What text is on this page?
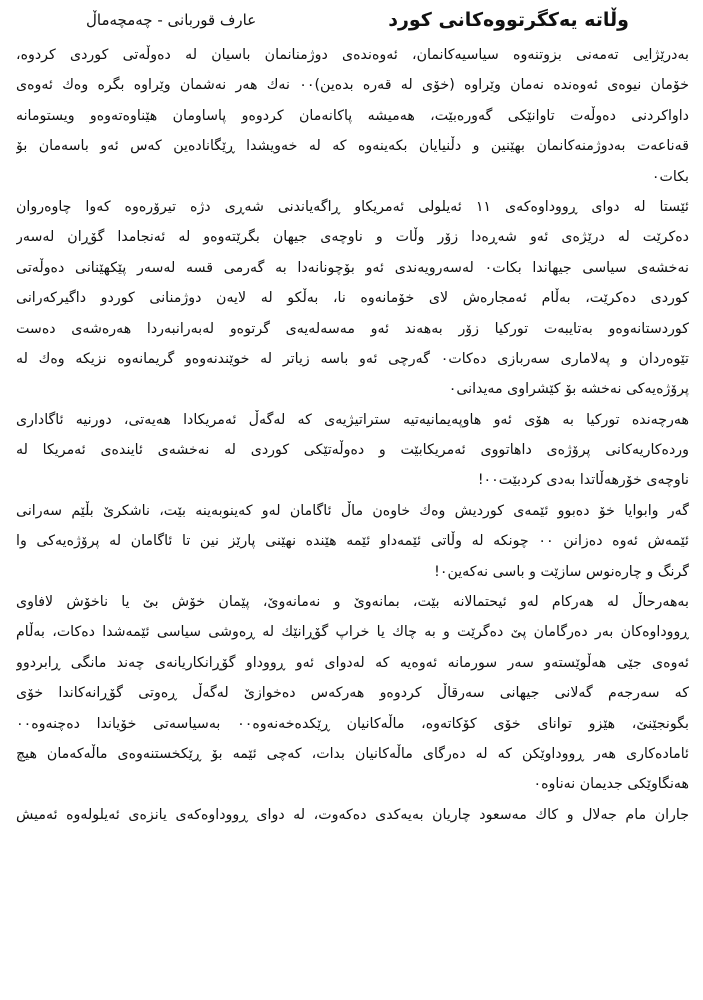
عارف قوربانی - چەمچەماڵ	وڵاتە یەکگرتووەکانی کورد
بەدرێژایی تەمەنی بزوتنەوە سیاسیەکانمان، ئەوەندەی دوژمنانمان باسیان لە دەوڵەتی کوردی کردوە،
خۆمان نیوەی ئەوەندە نەمان وێراوە (خۆی لە قەرە بدەین)٠٠ نەك هەر نەشمان وێراوە بگرە وەك ئەوەی
داواکردنی دەوڵەت تاوانێکی گەورەبێت، هەمیشە پاکانەمان کردوەو پاساومان هێناوەتەوەو ویستومانە
قەناعەت بەدوژمنەکانمان بهێنین و دڵنیایان بکەینەوە کە لە خەویشدا ڕێگانادەین کەس ئەو باسەمان بۆ
بکات٠
ئێستا لە دوای ڕووداوەکەی ١١ ئەیلولی ئەمریکاو ڕاگەیاندنی شەڕی دژە تیرۆرەوە کەوا چاوەروان
دەکرێت لە درێژەی ئەو شەڕەدا زۆر وڵات و ناوچەی جیهان بگرێتەوەو لە ئەنجامدا گۆڕان لەسەر
نەخشەی سیاسی جیهاندا بکات٠ لەسەرویەندی ئەو بۆچونانەدا بە گەرمی قسە لەسەر پێکهێنانی دەوڵەتی
کوردی دەکرێت، بەڵام ئەمجارەش لای خۆمانەوە نا، بەڵکو لە لایەن دوژمنانی کوردو داگیرکەرانی
کوردستانەوەو بەتایبەت تورکیا زۆر بەهەند ئەو مەسەلەیەی گرتوەو لەبەرانبەردا هەرەشەی دەست
تێوەردان و پەلاماری سەربازی دەکات٠ گەرچی ئەو باسە زیاتر لە خوێندنەوەو گریمانەوە نزیکە وەك لە
پرۆژەیەکی نەخشە بۆ کێشراوی مەیدانی٠
هەرچەندە تورکیا بە هۆی ئەو هاوپەیمانیەتیە ستراتیژیەی کە لەگەڵ ئەمریکادا هەیەتی، دورنیە ئاگاداری
وردەکاریەکانی پرۆژەی داهاتووی ئەمریکابێت و دەوڵەتێکی کوردی لە نەخشەی ئایندەی ئەمریکا لە
ناوچەی خۆرهەڵاتدا بەدی کردبێت٠٠!
گەر وابوایا خۆ دەبوو ئێمەی کوردیش وەك خاوەن ماڵ ئاگامان لەو کەینوبەینە بێت، ناشکرێ بڵێم سەرانی
ئێمەش ئەوە دەزانن ٠٠ چونکە لە وڵاتی ئێمەداو ئێمە هێندە نهێنی پارێز نین تا ئاگامان لە پرۆژەیەکی وا
گرنگ و چارەنوس سازێت و باسی نەکەین٠!
بەهەرحاڵ لە هەرکام لەو ئیحتمالانە بێت، بمانەوێ و نەمانەوێ، پێمان خۆش بێ یا ناخۆش لافاوی
ڕووداوەکان بەر دەرگامان پێ دەگرێت و بە چاك یا خراپ گۆڕانێك لە ڕەوشی سیاسی ئێمەشدا دەکات، بەڵام
ئەوەی جێی هەڵوێستەو سەر سورمانە ئەوەیە کە لەدوای ئەو ڕووداو گۆڕانکاریانەی چەند مانگی ڕابردوو
کە سەرجەم گەلانی جیهانی سەرقاڵ کردوەو هەرکەس دەخوازێ لەگەڵ ڕەوتی گۆڕانەکاندا خۆی
بگونجێنێ، هێزو توانای خۆی کۆکاتەوە، ماڵەکانیان ڕێکدەخەنەوە٠٠ بەسیاسەتی خۆیاندا دەچنەوە٠٠
ئامادەکاری هەر ڕووداوێکن کە لە دەرگای ماڵەکانیان بدات، کەچی ئێمە بۆ ڕێکخستنەوەی ماڵەکەمان هیچ
هەنگاوێکی جدیمان نەناوە٠
جاران مام جەلال و کاك مەسعود چاریان بەیەکدی دەکەوت، لە دوای ڕووداوەکەی یانزەی ئەیلولەوە ئەمیش
